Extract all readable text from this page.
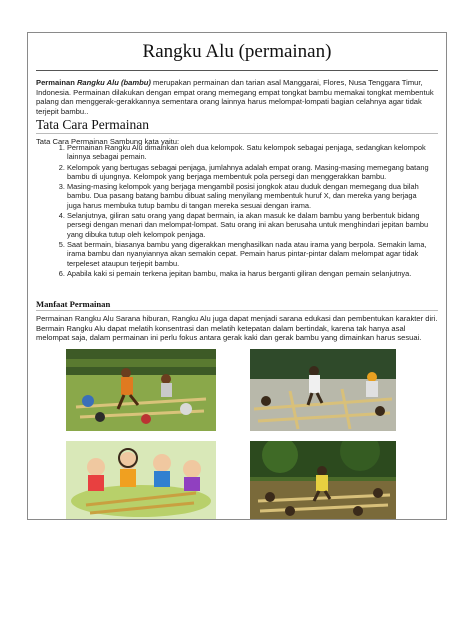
Rangku Alu (permainan)
Permainan Rangku Alu (bambu) merupakan permainan dan tarian asal Manggarai, Flores, Nusa Tenggara Timur, Indonesia. Permainan dilakukan dengan empat orang memegang empat tongkat bambu memakai tongkat membentuk palang dan menggerak-gerakkannya sementara orang lainnya harus melompat-lompati bagian celahnya agar tidak terjepit bambu..
Tata Cara Permainan
Tata Cara Permainan Sambung kata yaitu:
1. Permainan Rangku Alu dimainkan oleh dua kelompok. Satu kelompok sebagai penjaga, sedangkan kelompok lainnya sebagai pemain.
2. Kelompok yang bertugas sebagai penjaga, jumlahnya adalah empat orang. Masing-masing memegang batang bambu di ujungnya. Kelompok yang berjaga membentuk pola persegi dan menggerakkan bambu.
3. Masing-masing kelompok yang berjaga mengambil posisi jongkok atau duduk dengan memegang dua bilah bambu. Dua pasang batang bambu dibuat saling menyilang membentuk huruf X, dan mereka yang berjaga juga harus membuka tutup bambu di tangan mereka sesuai dengan irama.
4. Selanjutnya, giliran satu orang yang dapat bermain, ia akan masuk ke dalam bambu yang berbentuk bidang persegi dengan menari dan melompat-lompat. Satu orang ini akan berusaha untuk menghindari jepitan bambu yang dibuka tutup oleh kelompok penjaga.
5. Saat bermain, biasanya bambu yang digerakkan menghasilkan nada atau irama yang berpola. Semakin lama, irama bambu dan nyanyiannya akan semakin cepat. Pemain harus pintar-pintar dalam melompat agar tidak terpeleset ataupun terjepit bambu.
6. Apabila kaki si pemain terkena jepitan bambu, maka ia harus berganti giliran dengan pemain selanjutnya.
Manfaat Permainan
Permainan Rangku Alu Sarana hiburan, Rangku Alu juga dapat menjadi sarana edukasi dan pembentukan karakter diri. Bermain Rangku Alu dapat melatih konsentrasi dan melatih ketepatan dalam bertindak, karena tak hanya asal melompat saja, dalam permainan ini perlu fokus antara gerak kaki dan gerak bambu yang dimainkan harus sesuai.
